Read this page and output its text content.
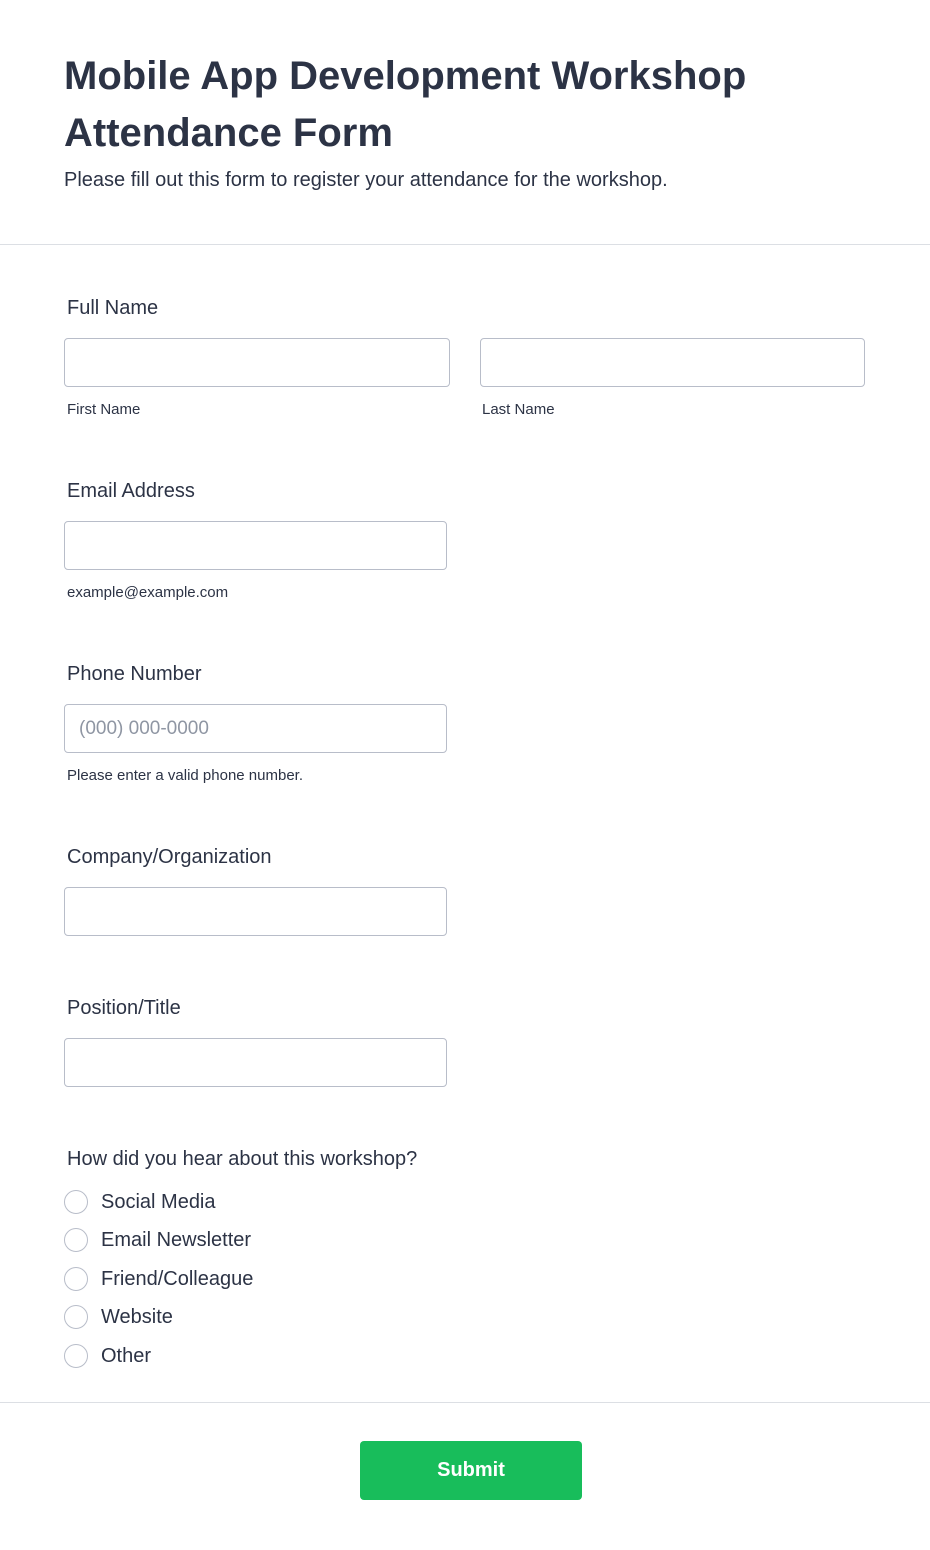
Mobile App Development Workshop Attendance Form

Please fill out this form to register your attendance for the workshop.

Full Name
First Name	Last Name
Email Address
example@example.com
Phone Number
(000) 000-0000
Please enter a valid phone number.
Company/Organization
Position/Title
How did you hear about this workshop?
Social Media
Email Newsletter
Friend/Colleague
Website
Other
Submit
